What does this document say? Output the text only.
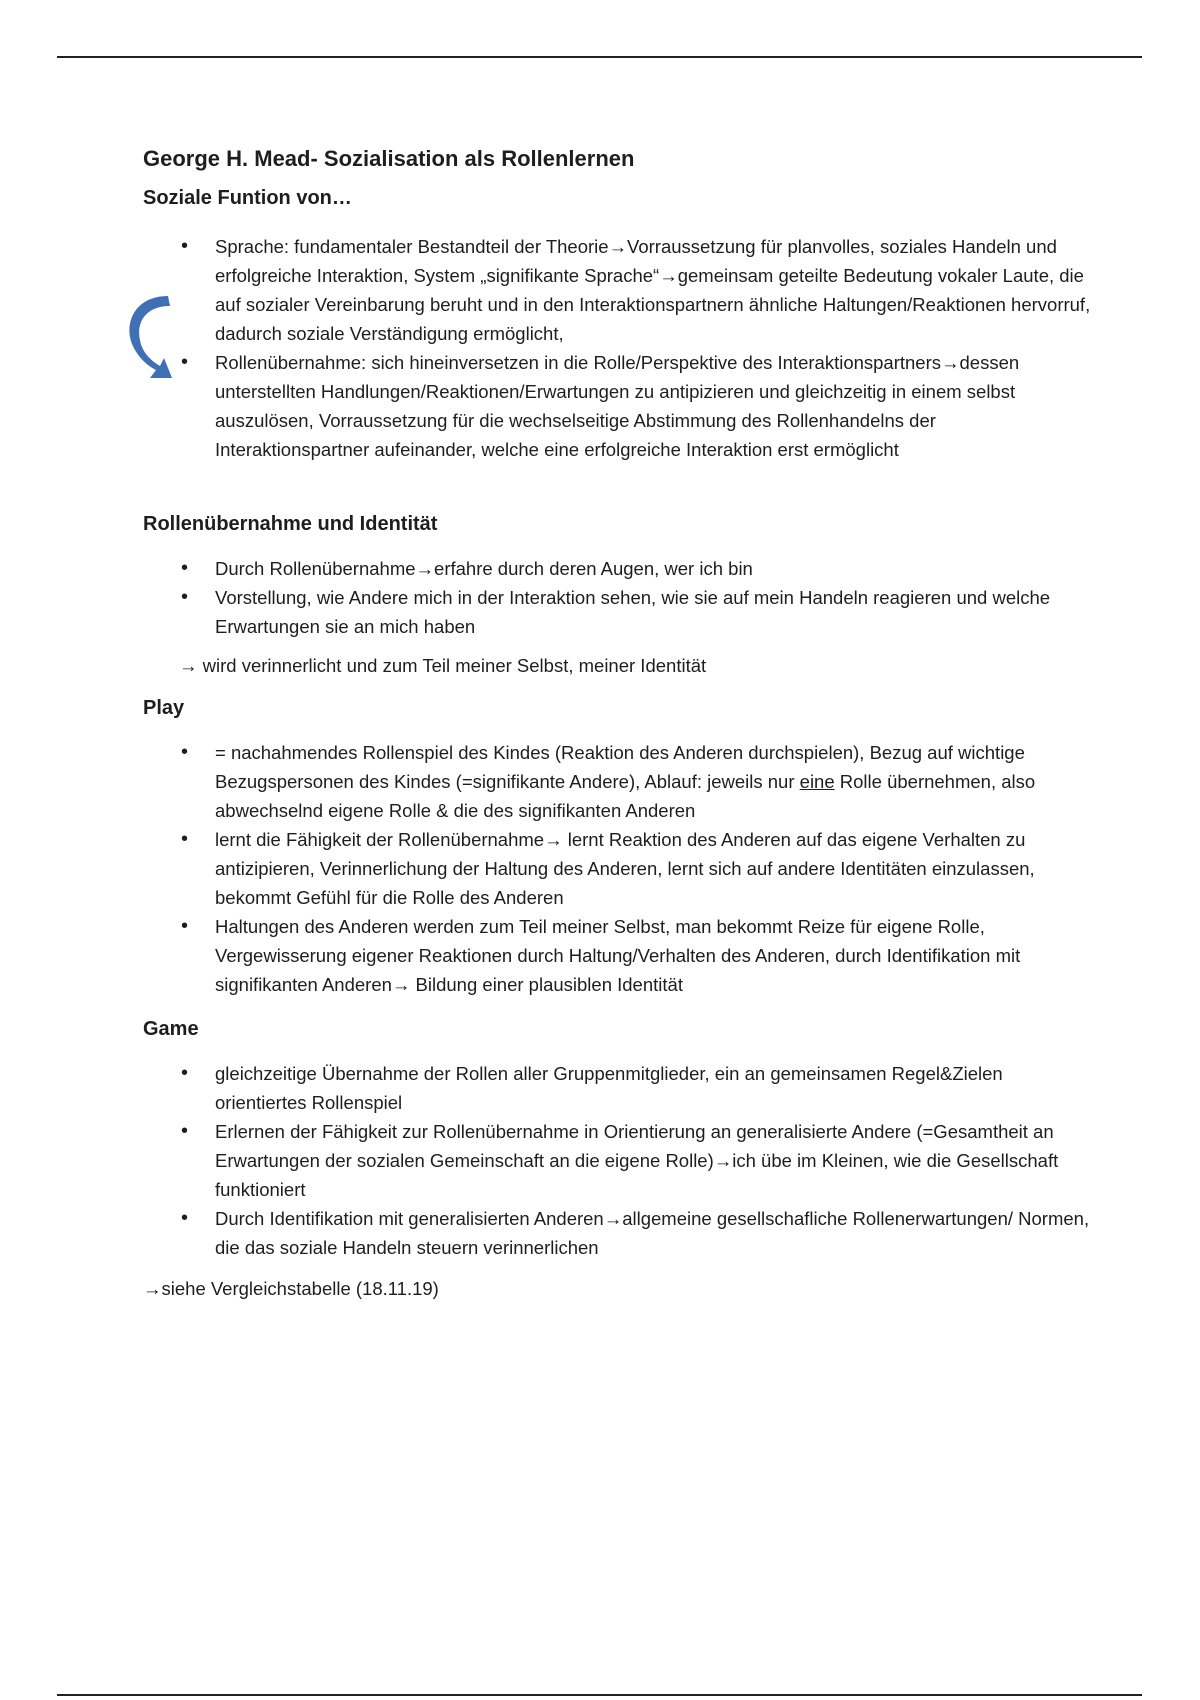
George H. Mead- Sozialisation als Rollenlernen
Soziale Funtion von…
• Sprache: fundamentaler Bestandteil der Theorie→Vorraussetzung für planvolles, soziales Handeln und erfolgreiche Interaktion, System „signifikante Sprache“→gemeinsam geteilte Bedeutung vokaler Laute, die auf sozialer Vereinbarung beruht und in den Interaktionspartnern ähnliche Haltungen/Reaktionen hervorruf, dadurch soziale Verständigung ermöglicht,
• Rollenübernahme: sich hineinversetzen in die Rolle/Perspektive des Interaktionspartners→dessen unterstellten Handlungen/Reaktionen/Erwartungen zu antipizieren und gleichzeitig in einem selbst auszulösen, Vorraussetzung für die wechselseitige Abstimmung des Rollenhandelns der Interaktionspartner aufeinander, welche eine erfolgreiche Interaktion erst ermöglicht
Rollenübernahme und Identität
• Durch Rollenübernahme→erfahre durch deren Augen, wer ich bin
• Vorstellung, wie Andere mich in der Interaktion sehen, wie sie auf mein Handeln reagieren und welche Erwartungen sie an mich haben
→ wird verinnerlicht und zum Teil meiner Selbst, meiner Identität
Play
• = nachahmendes Rollenspiel des Kindes (Reaktion des Anderen durchspielen), Bezug auf wichtige Bezugspersonen des Kindes (=signifikante Andere), Ablauf: jeweils nur eine Rolle übernehmen, also abwechselnd eigene Rolle & die des signifikanten Anderen
• lernt die Fähigkeit der Rollenübernahme→ lernt Reaktion des Anderen auf das eigene Verhalten zu antizipieren, Verinnerlichung der Haltung des Anderen, lernt sich auf andere Identitäten einzulassen, bekommt Gefühl für die Rolle des Anderen
• Haltungen des Anderen werden zum Teil meiner Selbst, man bekommt Reize für eigene Rolle, Vergewisserung eigener Reaktionen durch Haltung/Verhalten des Anderen, durch Identifikation mit signifikanten Anderen→ Bildung einer plausiblen Identität
Game
• gleichzeitige Übernahme der Rollen aller Gruppenmitglieder, ein an gemeinsamen Regel&Zielen orientiertes Rollenspiel
• Erlernen der Fähigkeit zur Rollenübernahme in Orientierung an generalisierte Andere (=Gesamtheit an Erwartungen der sozialen Gemeinschaft an die eigene Rolle)→ich übe im Kleinen, wie die Gesellschaft funktioniert
• Durch Identifikation mit generalisierten Anderen→allgemeine gesellschafliche Rollenerwartungen/ Normen, die das soziale Handeln steuern verinnerlichen
→siehe Vergleichstabelle (18.11.19)
